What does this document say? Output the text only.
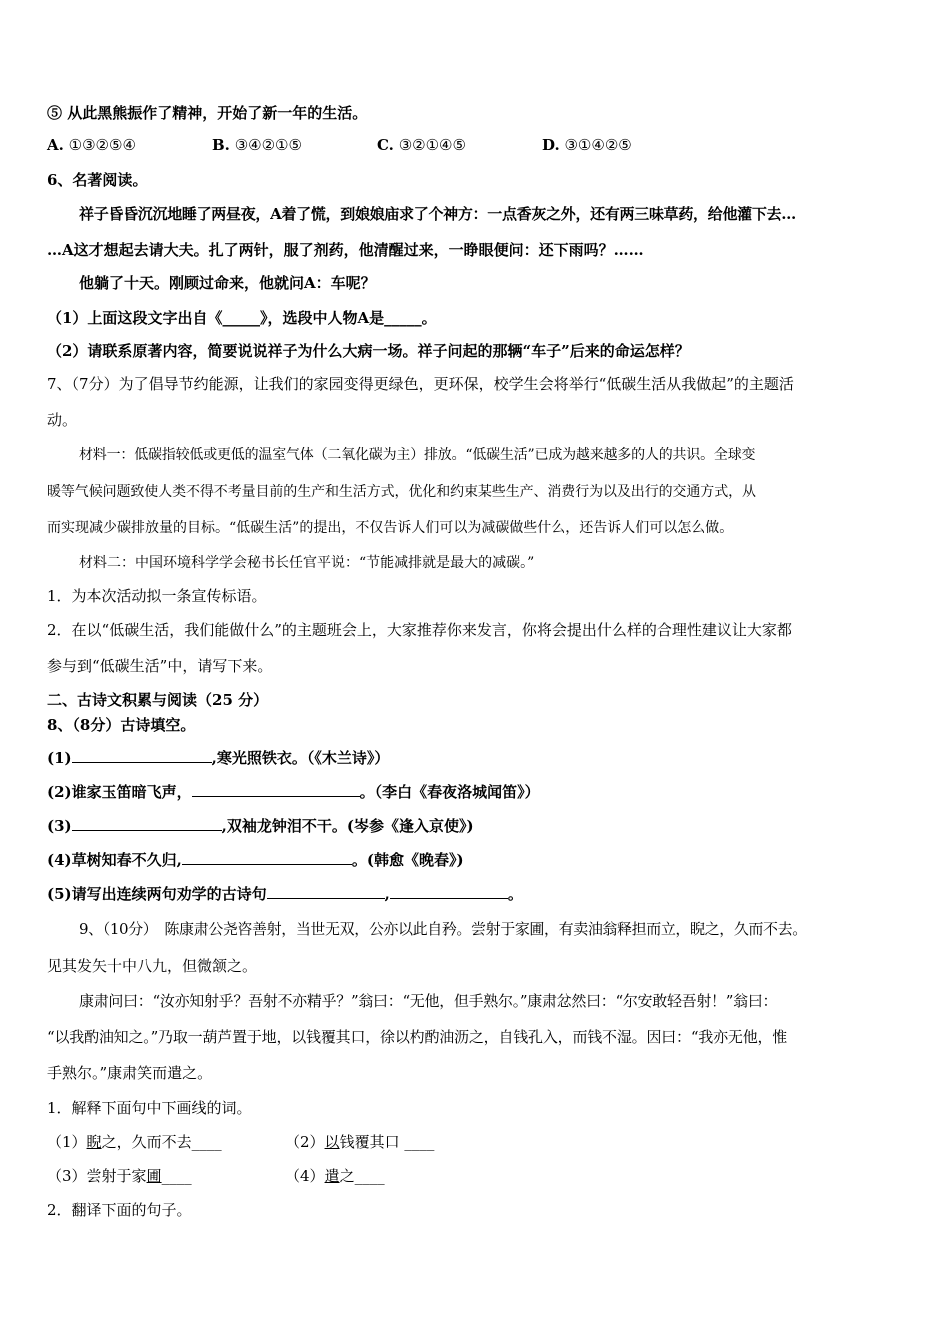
⑤ 从此黑熊振作了精神，开始了新一年的生活。
A. ①③②⑤④	B. ③④②①⑤	C. ③②①④⑤	D. ③①④②⑤
6、名著阅读。
祥子昏昏沉沉地睡了两昼夜，A着了慌，到娘娘庙求了个神方：一点香灰之外，还有两三味草药，给他灌下去…
…A这才想起去请大夫。扎了两针，服了剂药，他清醒过来，一睁眼便问：还下雨吗？……
他躺了十天。刚顾过命来，他就问A：车呢？
（1）上面这段文字出自《_____》，选段中人物A是_____。
（2）请联系原著内容，简要说说祥子为什么大病一场。祥子问起的那辆“车子”后来的命运怎样？
7、（7分）为了倡导节约能源，让我们的家园变得更绿色，更环保，校学生会将举行“低碳生活从我做起”的主题活
动。
材料一：低碳指较低或更低的温室气体（二氧化碳为主）排放。“低碳生活”已成为越来越多的人的共识。全球变
暖等气候问题致使人类不得不考量目前的生产和生活方式，优化和约束某些生产、消费行为以及出行的交通方式，从
而实现减少碳排放量的目标。“低碳生活”的提出，不仅告诉人们可以为减碳做些什么，还告诉人们可以怎么做。
材料二：中国环境科学学会秘书长任官平说：“节能减排就是最大的减碳。”
1．为本次活动拟一条宣传标语。
2．在以“低碳生活，我们能做什么”的主题班会上，大家推荐你来发言，你将会提出什么样的合理性建议让大家都
参与到“低碳生活”中，请写下来。
二、古诗文积累与阅读（25 分）
8、（8分）古诗填空。
(1)	,寒光照铁衣。（《木兰诗》）
(2)谁家玉笛暗飞声，	。（李白《春夜洛城闻笛》）
(3)	,双袖龙钟泪不干。(岑参《逢入京使》)
(4)草树知春不久归,	。(韩愈《晚春》)
(5)请写出连续两句劝学的古诗句	,	。
9、（10分）　陈康肃公尧咨善射，当世无双，公亦以此自矜。尝射于家圃，有卖油翁释担而立，睨之，久而不去。
见其发矢十中八九，但微颔之。
康肃问曰：“汝亦知射乎？吾射不亦精乎？”翁曰：“无他，但手熟尔。”康肃忿然曰：“尔安敢轻吾射！”翁曰：
“以我酌油知之。”乃取一葫芦置于地，以钱覆其口，徐以杓酌油沥之，自钱孔入，而钱不湿。因曰：“我亦无他，惟
手熟尔。”康肃笑而遣之。
1．解释下面句中下画线的词。
（1）睨之，久而不去____	（2）以钱覆其口 ____
（3）尝射于家圃____	（4）遣之____
2．翻译下面的句子。
